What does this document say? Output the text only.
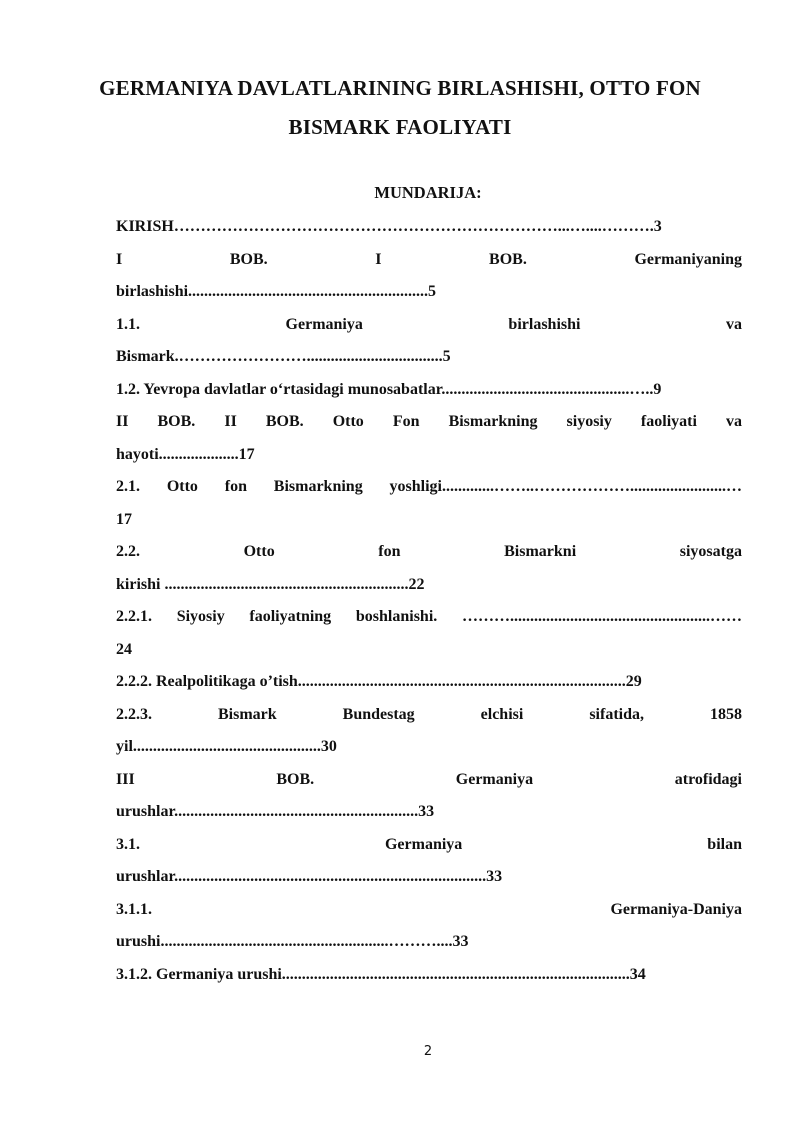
GERMANIYA DAVLATLARINING BIRLASHISHI, OTTO FON
BISMARK FAOLIYATI
MUNDARIJA:
KIRISH………………………………………………………………...…....……….3
I	BOB.	I	BOB.	Germaniyaning
birlashishi............................................................5
1.1.	Germaniya	birlashishi	va
Bismark.……………………..................................5
1.2. Yevropa davlatlar o‘rtasidagi munosabatlar...............................................…..9
II BOB. II BOB. Otto Fon Bismarkning siyosiy faoliyati va
hayoti....................17
2.1. Otto fon Bismarkning yoshligi.............……..………………........................…
17
2.2.	Otto	fon	Bismarkni	siyosatga
kirishi .............................................................22
2.2.1. Siyosiy faoliyatning boshlanishi. ………..................................................……
24
2.2.2. Realpolitikaga o’tish..................................................................................29
2.2.3.	Bismark	Bundestag	elchisi	sifatida,	1858
yil...............................................30
III	BOB.	Germaniya	atrofidagi
urushlar.............................................................33
3.1.	Germaniya	bilan
urushlar..............................................................................33
3.1.1.	Germaniya-Daniya
urushi.........................................................………....33
3.1.2. Germaniya urushi.......................................................................................34
2
